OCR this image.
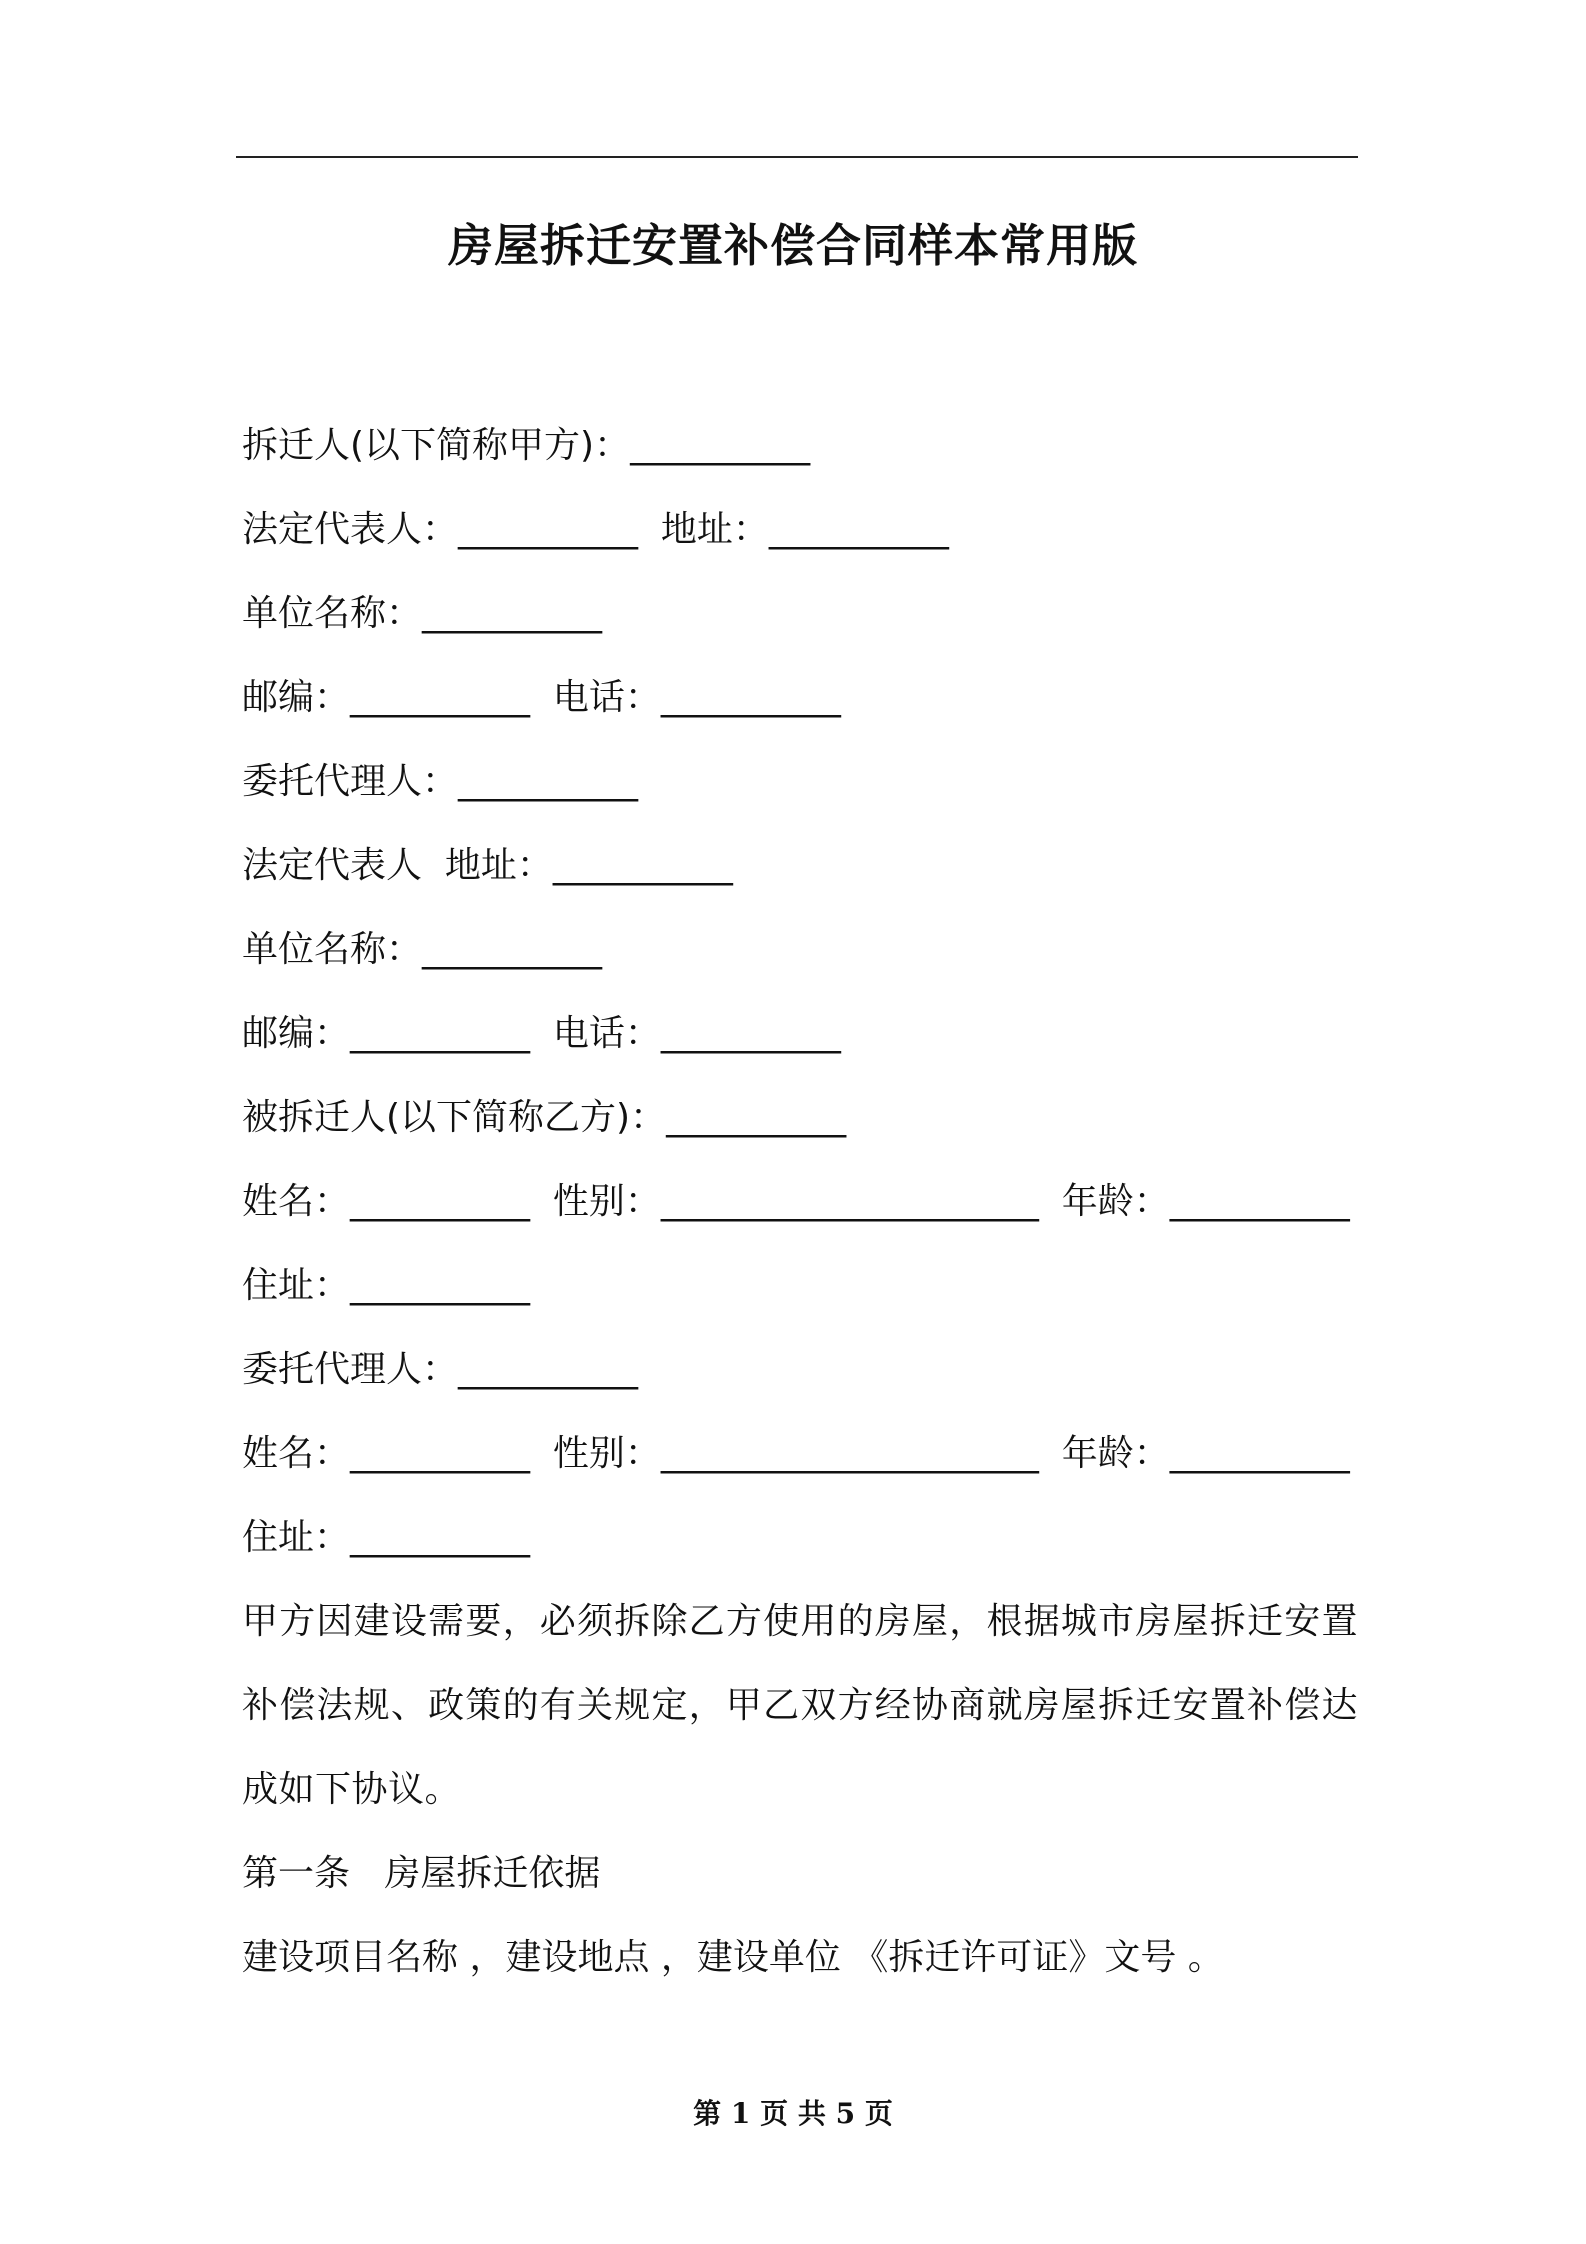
房屋拆迁安置补偿合同样本常用版

拆迁人(以下简称甲方)：__________

法定代表人：__________  地址：__________

单位名称：__________

邮编：__________  电话：__________

委托代理人：__________

法定代表人  地址：__________

单位名称：__________

邮编：__________  电话：__________

被拆迁人(以下简称乙方)：__________

姓名：__________  性别：_____________________  年龄：__________

住址：__________

委托代理人：__________

姓名：__________  性别：_____________________  年龄：__________

住址：__________

甲方因建设需要，必须拆除乙方使用的房屋，根据城市房屋拆迁安置补偿法规、政策的有关规定，甲乙双方经协商就房屋拆迁安置补偿达成如下协议。

第一条   房屋拆迁依据

建设项目名称 ，建设地点 ，建设单位 《拆迁许可证》文号 。

第 1 页 共 5 页
